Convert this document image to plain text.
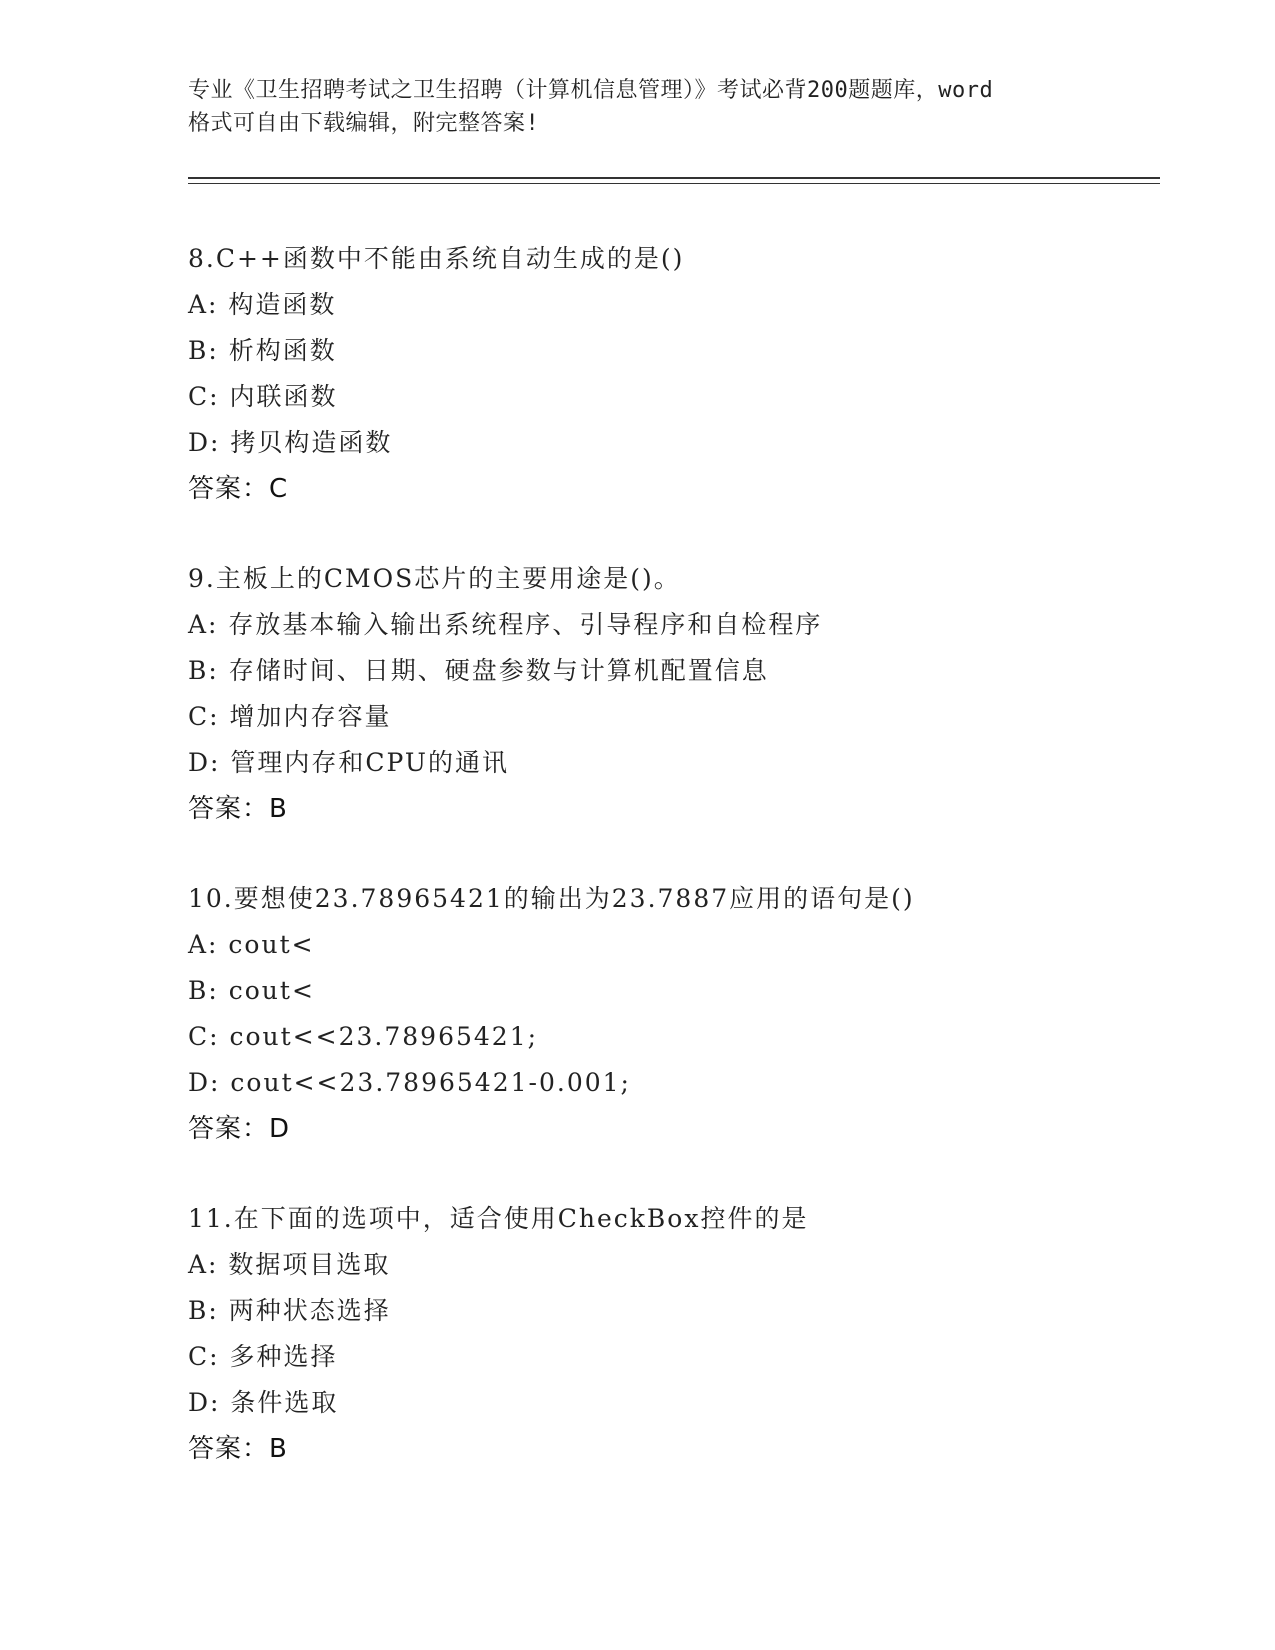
专业《卫生招聘考试之卫生招聘（计算机信息管理）》考试必背200题题库，word
格式可自由下载编辑，附完整答案!
8.C++函数中不能由系统自动生成的是()
A: 构造函数
B: 析构函数
C: 内联函数
D: 拷贝构造函数
答案：C
9.主板上的CMOS芯片的主要用途是()。
A: 存放基本输入输出系统程序、引导程序和自检程序
B: 存储时间、日期、硬盘参数与计算机配置信息
C: 增加内存容量
D: 管理内存和CPU的通讯
答案：B
10.要想使23.78965421的输出为23.7887应用的语句是()
A: cout<
B: cout<
C: cout<<23.78965421;
D: cout<<23.78965421-0.001;
答案：D
11.在下面的选项中，适合使用CheckBox控件的是
A: 数据项目选取
B: 两种状态选择
C: 多种选择
D: 条件选取
答案：B
